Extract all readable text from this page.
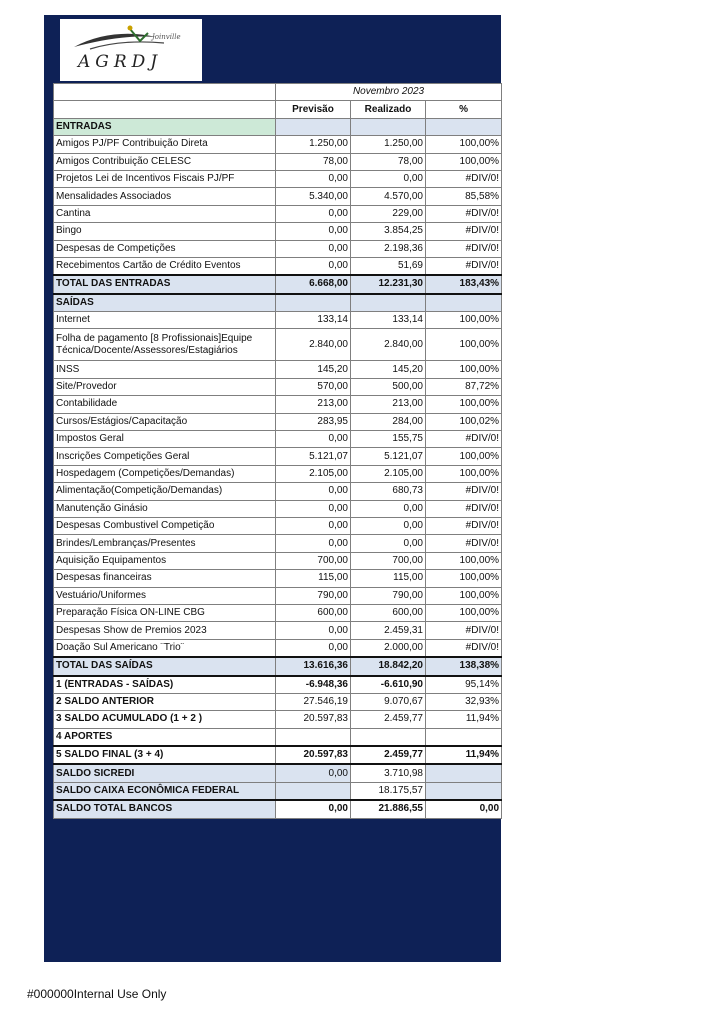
Joinville
AGRDJ
	Novembro 2023		
	Previsão	Realizado	%
ENTRADAS			
Amigos PJ/PF Contribuição Direta	1.250,00	1.250,00	100,00%
Amigos Contribuição CELESC	78,00	78,00	100,00%
Projetos Lei de Incentivos Fiscais PJ/PF	0,00	0,00	#DIV/0!
Mensalidades Associados	5.340,00	4.570,00	85,58%
Cantina	0,00	229,00	#DIV/0!
Bingo	0,00	3.854,25	#DIV/0!
Despesas de Competições	0,00	2.198,36	#DIV/0!
Recebimentos Cartão de Crédito Eventos	0,00	51,69	#DIV/0!
TOTAL DAS ENTRADAS	6.668,00	12.231,30	183,43%
SAÍDAS			
Internet	133,14	133,14	100,00%
Folha de pagamento [8 Profissionais]Equipe Técnica/Docente/Assessores/Estagiários	2.840,00	2.840,00	100,00%
INSS	145,20	145,20	100,00%
Site/Provedor	570,00	500,00	87,72%
Contabilidade	213,00	213,00	100,00%
Cursos/Estágios/Capacitação	283,95	284,00	100,02%
Impostos Geral	0,00	155,75	#DIV/0!
Inscrições Competições Geral	5.121,07	5.121,07	100,00%
Hospedagem (Competições/Demandas)	2.105,00	2.105,00	100,00%
Alimentação(Competição/Demandas)	0,00	680,73	#DIV/0!
Manutenção Ginásio	0,00	0,00	#DIV/0!
Despesas Combustivel Competição	0,00	0,00	#DIV/0!
Brindes/Lembranças/Presentes	0,00	0,00	#DIV/0!
Aquisição Equipamentos	700,00	700,00	100,00%
Despesas financeiras	115,00	115,00	100,00%
Vestuário/Uniformes	790,00	790,00	100,00%
Preparação Física ON-LINE CBG	600,00	600,00	100,00%
Despesas Show de Premios 2023	0,00	2.459,31	#DIV/0!
Doação Sul Americano ¨Trio¨	0,00	2.000,00	#DIV/0!
TOTAL DAS SAÍDAS	13.616,36	18.842,20	138,38%
1 (ENTRADAS - SAÍDAS)	-6.948,36	-6.610,90	95,14%
2 SALDO ANTERIOR	27.546,19	9.070,67	32,93%
3 SALDO ACUMULADO (1 + 2 )	20.597,83	2.459,77	11,94%
4 APORTES			
5 SALDO FINAL (3 + 4)	20.597,83	2.459,77	11,94%
SALDO SICREDI	0,00	3.710,98	
SALDO CAIXA ECONÔMICA FEDERAL		18.175,57	
SALDO TOTAL BANCOS	0,00	21.886,55	0,00
#000000Internal Use Only
